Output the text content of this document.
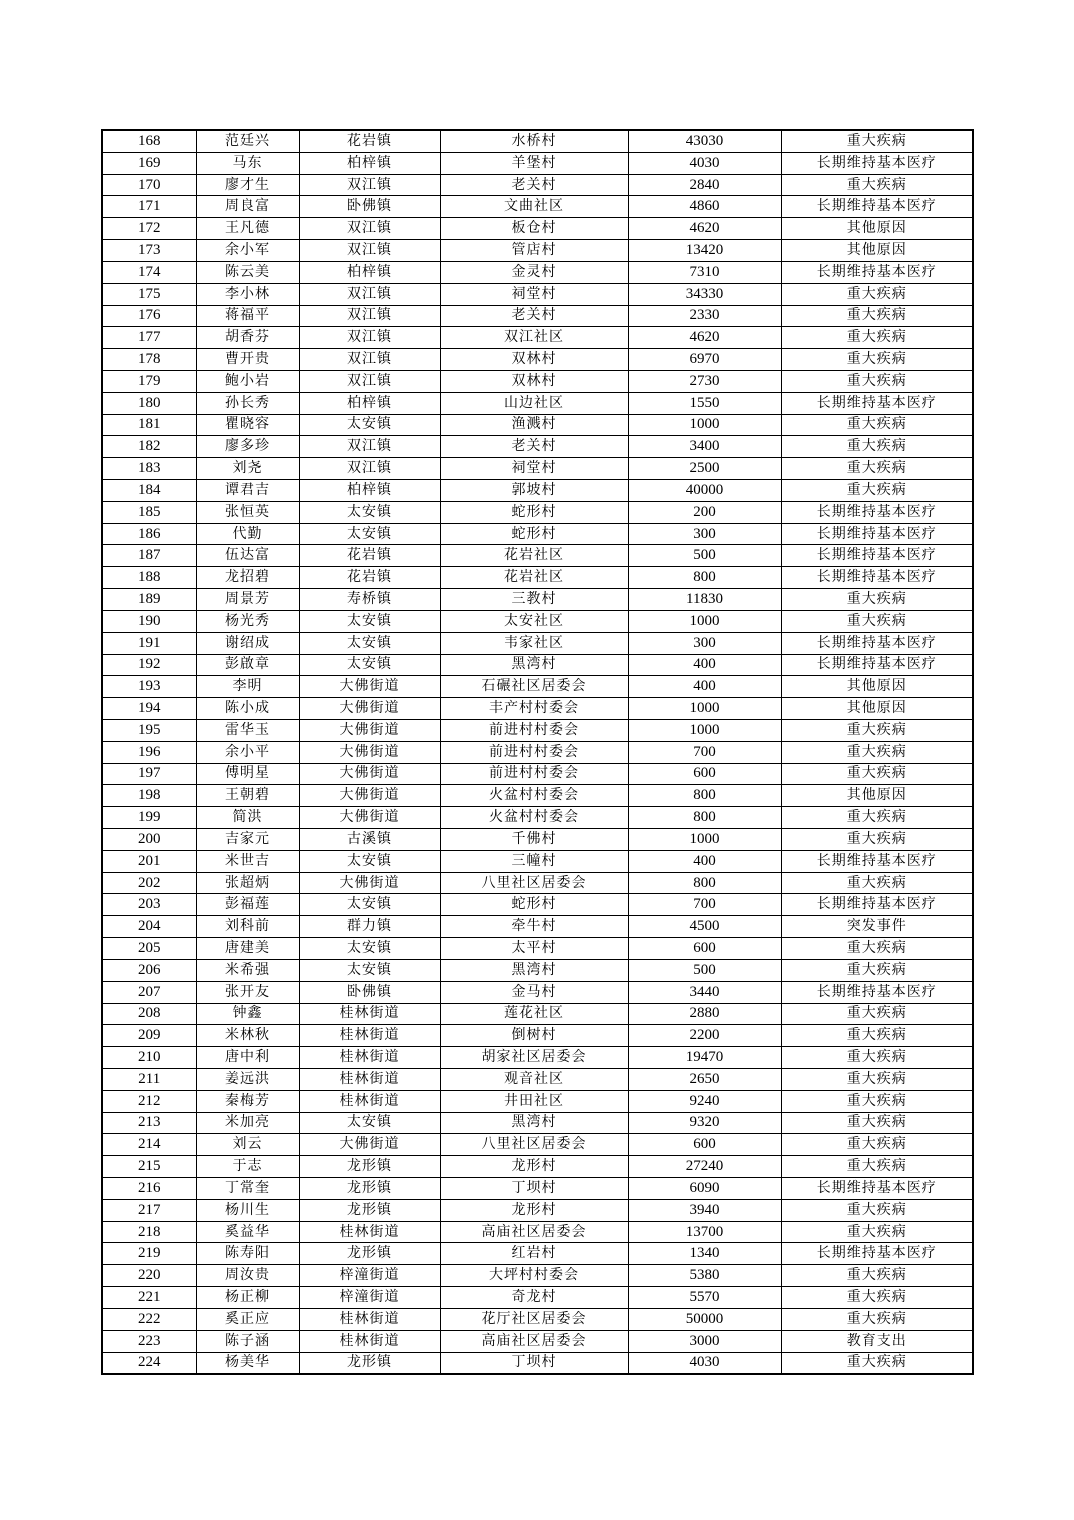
168	范廷兴	花岩镇	水桥村	43030	重大疾病
169	马东	柏梓镇	羊堡村	4030	长期维持基本医疗
170	廖才生	双江镇	老关村	2840	重大疾病
171	周良富	卧佛镇	文曲社区	4860	长期维持基本医疗
172	王凡德	双江镇	板仓村	4620	其他原因
173	余小军	双江镇	管店村	13420	其他原因
174	陈云美	柏梓镇	金灵村	7310	长期维持基本医疗
175	李小林	双江镇	祠堂村	34330	重大疾病
176	蒋福平	双江镇	老关村	2330	重大疾病
177	胡香芬	双江镇	双江社区	4620	重大疾病
178	曹开贵	双江镇	双林村	6970	重大疾病
179	鲍小岩	双江镇	双林村	2730	重大疾病
180	孙长秀	柏梓镇	山边社区	1550	长期维持基本医疗
181	瞿晓容	太安镇	渔溅村	1000	重大疾病
182	廖多珍	双江镇	老关村	3400	重大疾病
183	刘尧	双江镇	祠堂村	2500	重大疾病
184	谭君吉	柏梓镇	郭坡村	40000	重大疾病
185	张恒英	太安镇	蛇形村	200	长期维持基本医疗
186	代勤	太安镇	蛇形村	300	长期维持基本医疗
187	伍达富	花岩镇	花岩社区	500	长期维持基本医疗
188	龙招碧	花岩镇	花岩社区	800	长期维持基本医疗
189	周景芳	寿桥镇	三教村	11830	重大疾病
190	杨光秀	太安镇	太安社区	1000	重大疾病
191	谢绍成	太安镇	韦家社区	300	长期维持基本医疗
192	彭啟章	太安镇	黑湾村	400	长期维持基本医疗
193	李明	大佛街道	石碾社区居委会	400	其他原因
194	陈小成	大佛街道	丰产村村委会	1000	其他原因
195	雷华玉	大佛街道	前进村村委会	1000	重大疾病
196	余小平	大佛街道	前进村村委会	700	重大疾病
197	傅明星	大佛街道	前进村村委会	600	重大疾病
198	王朝碧	大佛街道	火盆村村委会	800	其他原因
199	简洪	大佛街道	火盆村村委会	800	重大疾病
200	吉家元	古溪镇	千佛村	1000	重大疾病
201	米世吉	太安镇	三幢村	400	长期维持基本医疗
202	张超炳	大佛街道	八里社区居委会	800	重大疾病
203	彭福莲	太安镇	蛇形村	700	长期维持基本医疗
204	刘科前	群力镇	牵牛村	4500	突发事件
205	唐建美	太安镇	太平村	600	重大疾病
206	米希强	太安镇	黑湾村	500	重大疾病
207	张开友	卧佛镇	金马村	3440	长期维持基本医疗
208	钟鑫	桂林街道	莲花社区	2880	重大疾病
209	米林秋	桂林街道	倒树村	2200	重大疾病
210	唐中利	桂林街道	胡家社区居委会	19470	重大疾病
211	姜远洪	桂林街道	观音社区	2650	重大疾病
212	秦梅芳	桂林街道	井田社区	9240	重大疾病
213	米加亮	太安镇	黑湾村	9320	重大疾病
214	刘云	大佛街道	八里社区居委会	600	重大疾病
215	于志	龙形镇	龙形村	27240	重大疾病
216	丁常奎	龙形镇	丁坝村	6090	长期维持基本医疗
217	杨川生	龙形镇	龙形村	3940	重大疾病
218	奚益华	桂林街道	高庙社区居委会	13700	重大疾病
219	陈寿阳	龙形镇	红岩村	1340	长期维持基本医疗
220	周汝贵	梓潼街道	大坪村村委会	5380	重大疾病
221	杨正柳	梓潼街道	奇龙村	5570	重大疾病
222	奚正应	桂林街道	花厅社区居委会	50000	重大疾病
223	陈子涵	桂林街道	高庙社区居委会	3000	教育支出
224	杨美华	龙形镇	丁坝村	4030	重大疾病
